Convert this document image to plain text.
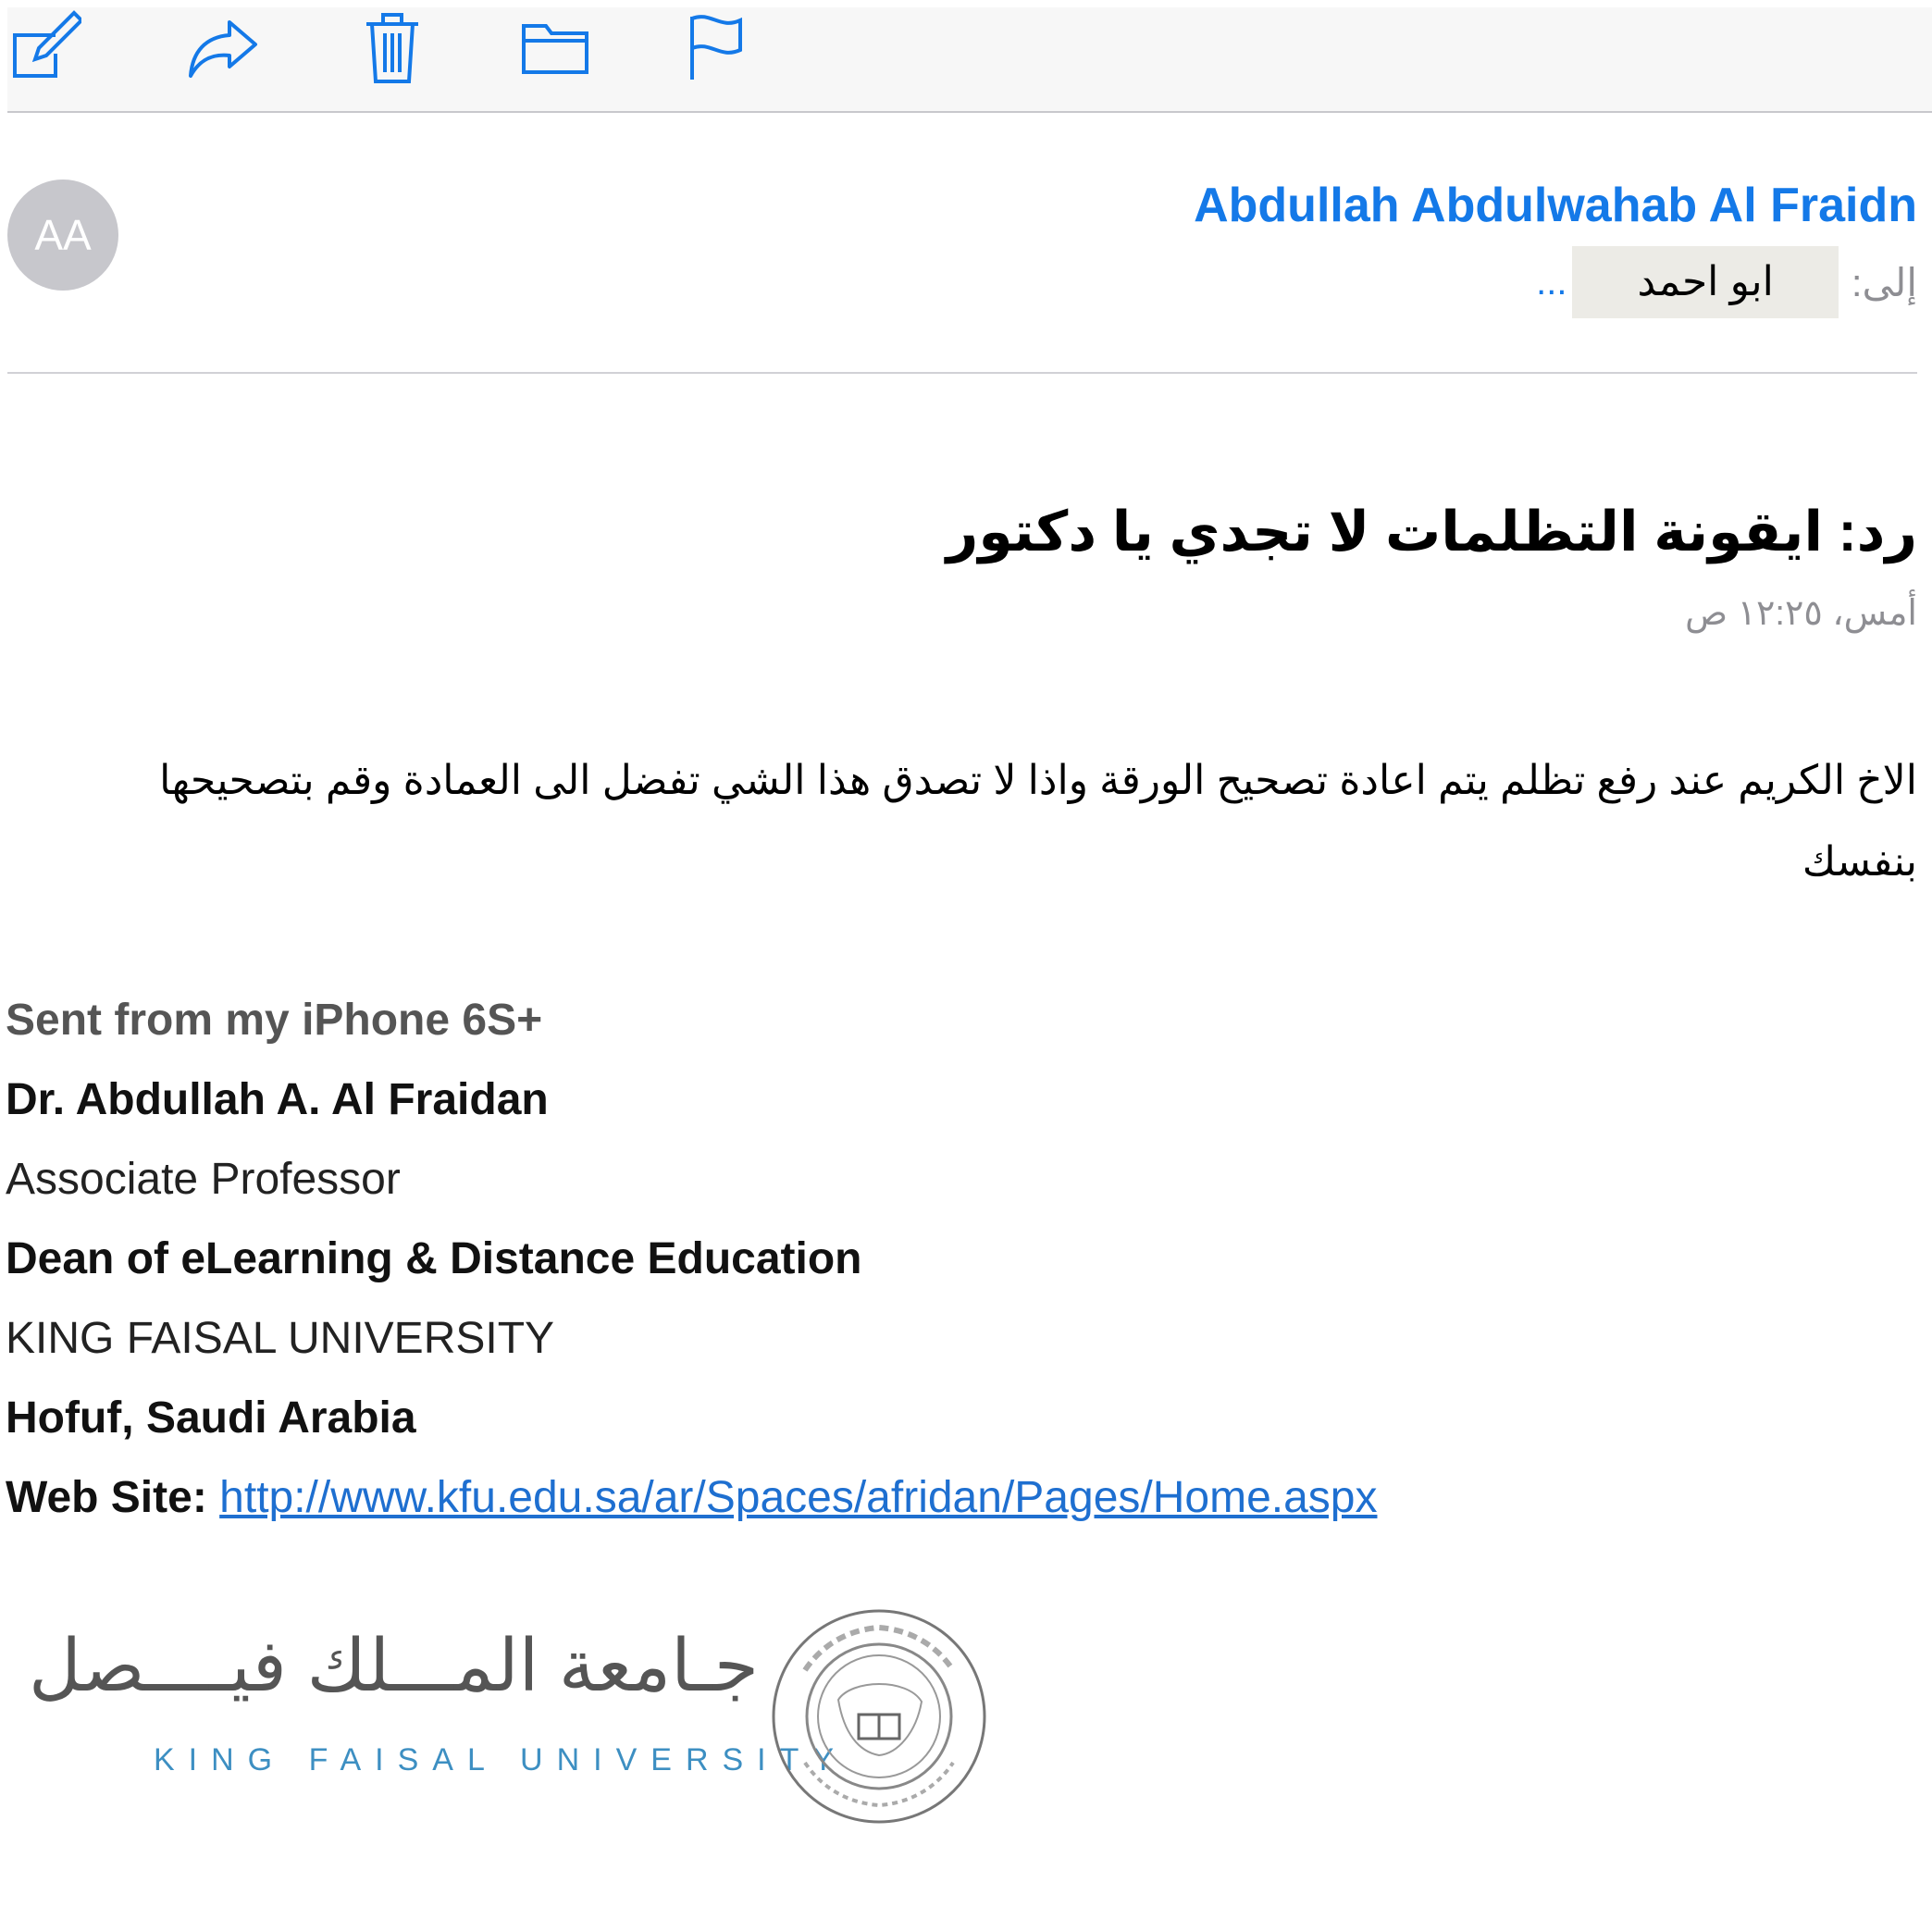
AA
Abdullah Abdulwahab Al Fraidn
إلى:
ابو احمد
...
رد: ايقونة التظلمات لا تجدي يا دكتور
أمس، ١٢:٢٥ ص
الاخ الكريم عند رفع تظلم يتم اعادة تصحيح الورقة واذا لا تصدق هذا الشي تفضل الى العمادة وقم بتصحيحها بنفسك
Sent from my iPhone 6S+
Dr. Abdullah A. Al Fraidan
Associate Professor
Dean of eLearning & Distance Education
KING FAISAL UNIVERSITY
Hofuf, Saudi Arabia
Web Site: http://www.kfu.edu.sa/ar/Spaces/afridan/Pages/Home.aspx
جـامعة المـــلك فيــــصل
KING FAISAL UNIVERSITY
